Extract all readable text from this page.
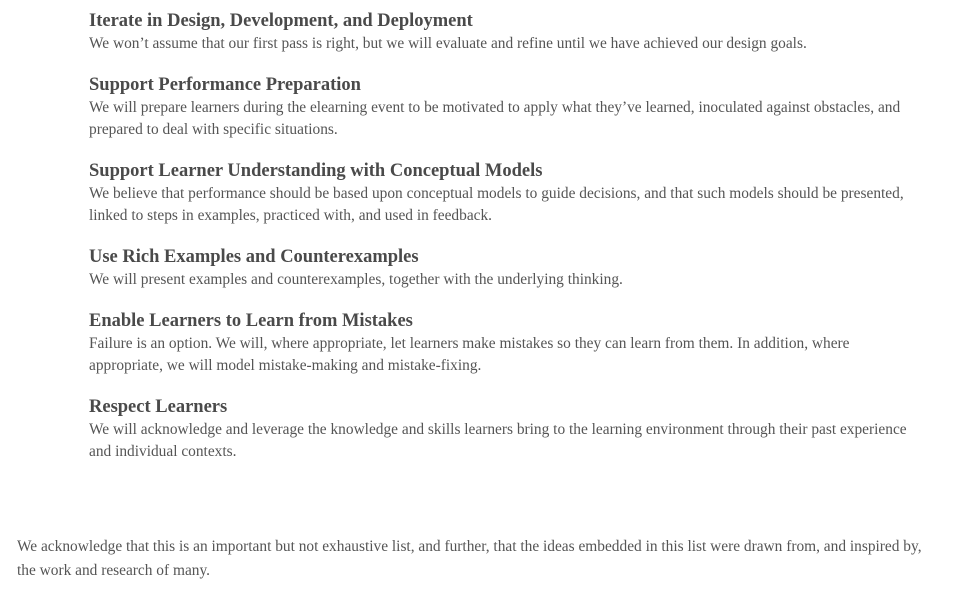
Iterate in Design, Development, and Deployment

We won’t assume that our first pass is right, but we will evaluate and refine until we have achieved our design goals.

Support Performance Preparation

We will prepare learners during the elearning event to be motivated to apply what they’ve learned, inoculated against obstacles, and prepared to deal with specific situations.

Support Learner Understanding with Conceptual Models

We believe that performance should be based upon conceptual models to guide decisions, and that such models should be presented, linked to steps in examples, practiced with, and used in feedback.

Use Rich Examples and Counterexamples

We will present examples and counterexamples, together with the underlying thinking.

Enable Learners to Learn from Mistakes

Failure is an option. We will, where appropriate, let learners make mistakes so they can learn from them. In addition, where appropriate, we will model mistake-making and mistake-fixing.

Respect Learners

We will acknowledge and leverage the knowledge and skills learners bring to the learning environment through their past experience and individual contexts.

We acknowledge that this is an important but not exhaustive list, and further, that the ideas embedded in this list were drawn from, and inspired by, the work and research of many.
